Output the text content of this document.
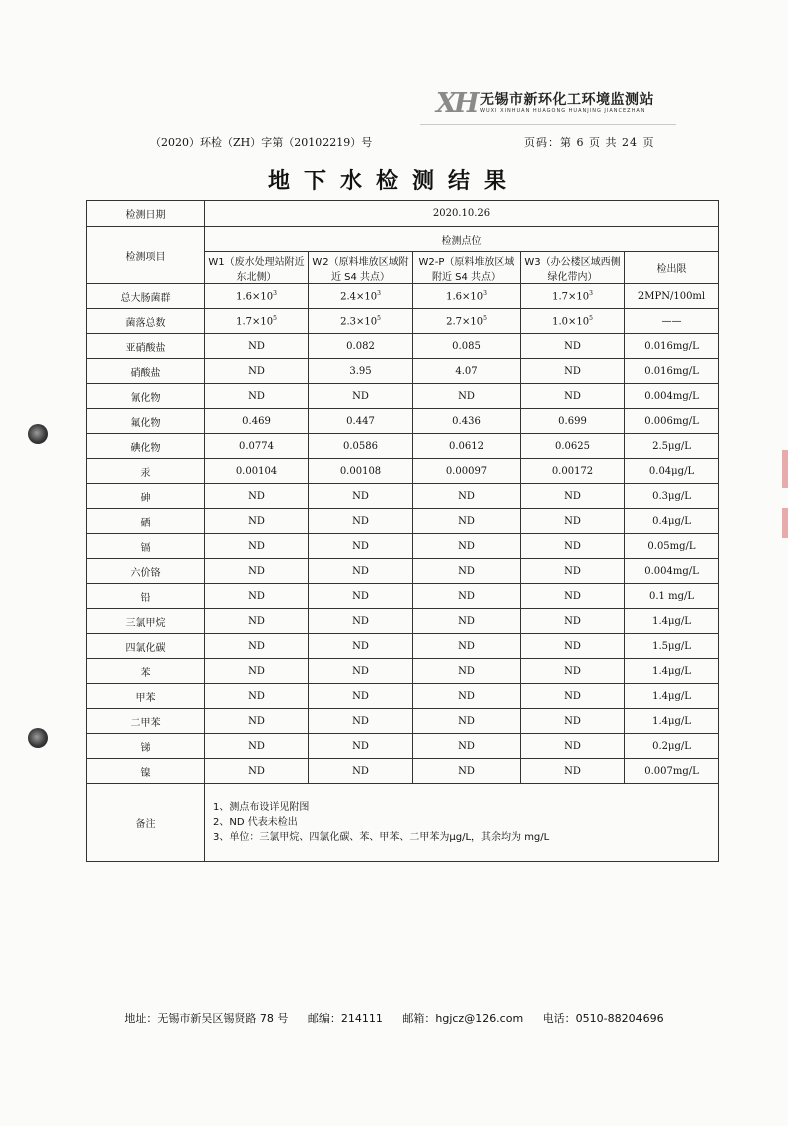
XH 无锡市新环化工环境监测站
WUXI XINHUAN HUAGONG HUANJING JIANCEZHAN
（2020）环检（ZH）字第（20102219）号	页码：第 6 页 共 24 页
地下水检测结果
检测日期	2020.10.26				
检测项目	检测点位				
	W1（废水处理站附近东北侧）	W2（原料堆放区域附近 S4 共点）	W2-P（原料堆放区域附近 S4 共点）	W3（办公楼区域西侧绿化带内）	检出限
总大肠菌群	$1.6\times 10^3$	$2.4\times 10^3$	$1.6\times 10^3$	$1.7\times 10^3$	2MPN/100ml
菌落总数	$1.7\times 10^5$	$2.3\times 10^5$	$2.7\times 10^5$	$1.0\times 10^5$	——
亚硝酸盐	ND	0.082	0.085	ND	0.016mg/L
硝酸盐	ND	3.95	4.07	ND	0.016mg/L
氰化物	ND	ND	ND	ND	0.004mg/L
氟化物	0.469	0.447	0.436	0.699	0.006mg/L
碘化物	0.0774	0.0586	0.0612	0.0625	2.5μg/L
汞	0.00104	0.00108	0.00097	0.00172	0.04μg/L
砷	ND	ND	ND	ND	0.3μg/L
硒	ND	ND	ND	ND	0.4μg/L
镉	ND	ND	ND	ND	0.05mg/L
六价铬	ND	ND	ND	ND	0.004mg/L
铅	ND	ND	ND	ND	0.1 mg/L
三氯甲烷	ND	ND	ND	ND	1.4μg/L
四氯化碳	ND	ND	ND	ND	1.5μg/L
苯	ND	ND	ND	ND	1.4μg/L
甲苯	ND	ND	ND	ND	1.4μg/L
二甲苯	ND	ND	ND	ND	1.4μg/L
锑	ND	ND	ND	ND	0.2μg/L
镍	ND	ND	ND	ND	0.007mg/L
备注	1、测点布设详见附图
2、ND 代表未检出
3、单位：三氯甲烷、四氯化碳、苯、甲苯、二甲苯为μg/L，其余均为 mg/L				
地址：无锡市新吴区锡贤路 78 号 邮编：214111 邮箱：hgjcz@126.com 电话：0510-88204696
